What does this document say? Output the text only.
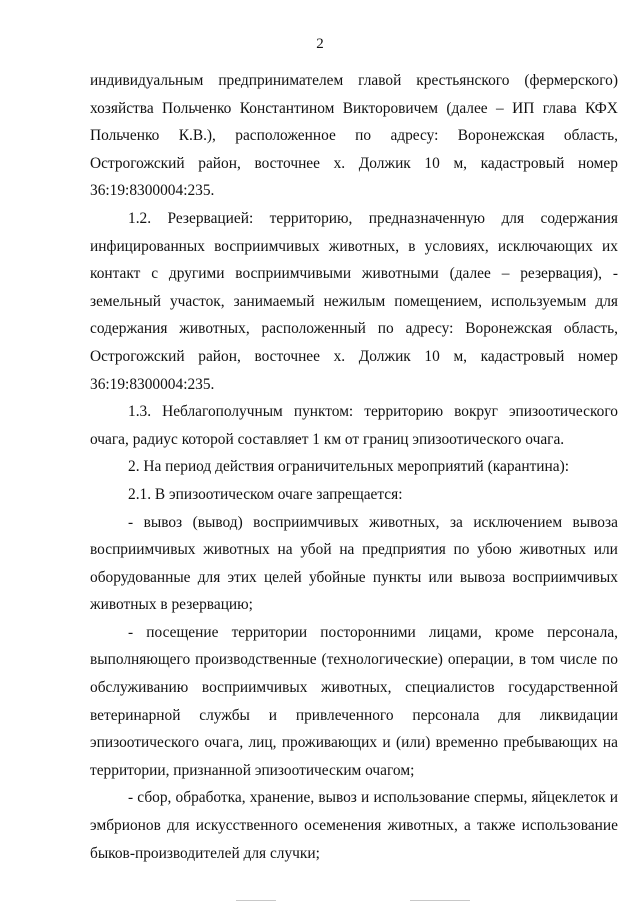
2
индивидуальным предпринимателем главой крестьянского (фермерского)
хозяйства Польченко Константином Викторовичем (далее – ИП глава КФХ
Польченко К.В.), расположенное по адресу: Воронежская область,
Острогожский район, восточнее х. Должик 10 м, кадастровый номер
36:19:8300004:235.
1.2. Резервацией: территорию, предназначенную для содержания
инфицированных восприимчивых животных, в условиях, исключающих их
контакт с другими восприимчивыми животными (далее – резервация), -
земельный участок, занимаемый нежилым помещением, используемым для
содержания животных, расположенный по адресу: Воронежская область,
Острогожский район, восточнее х. Должик 10 м, кадастровый номер
36:19:8300004:235.
1.3. Неблагополучным пунктом: территорию вокруг эпизоотического
очага, радиус которой составляет 1 км от границ эпизоотического очага.
2. На период действия ограничительных мероприятий (карантина):
2.1. В эпизоотическом очаге запрещается:
- вывоз (вывод) восприимчивых животных, за исключением вывоза
восприимчивых животных на убой на предприятия по убою животных или
оборудованные для этих целей убойные пункты или вывоза восприимчивых
животных в резервацию;
- посещение территории посторонними лицами, кроме персонала,
выполняющего производственные (технологические) операции, в том числе по
обслуживанию восприимчивых животных, специалистов государственной
ветеринарной службы и привлеченного персонала для ликвидации
эпизоотического очага, лиц, проживающих и (или) временно пребывающих на
территории, признанной эпизоотическим очагом;
- сбор, обработка, хранение, вывоз и использование спермы, яйцеклеток и
эмбрионов для искусственного осеменения животных, а также использование
быков-производителей для случки;
